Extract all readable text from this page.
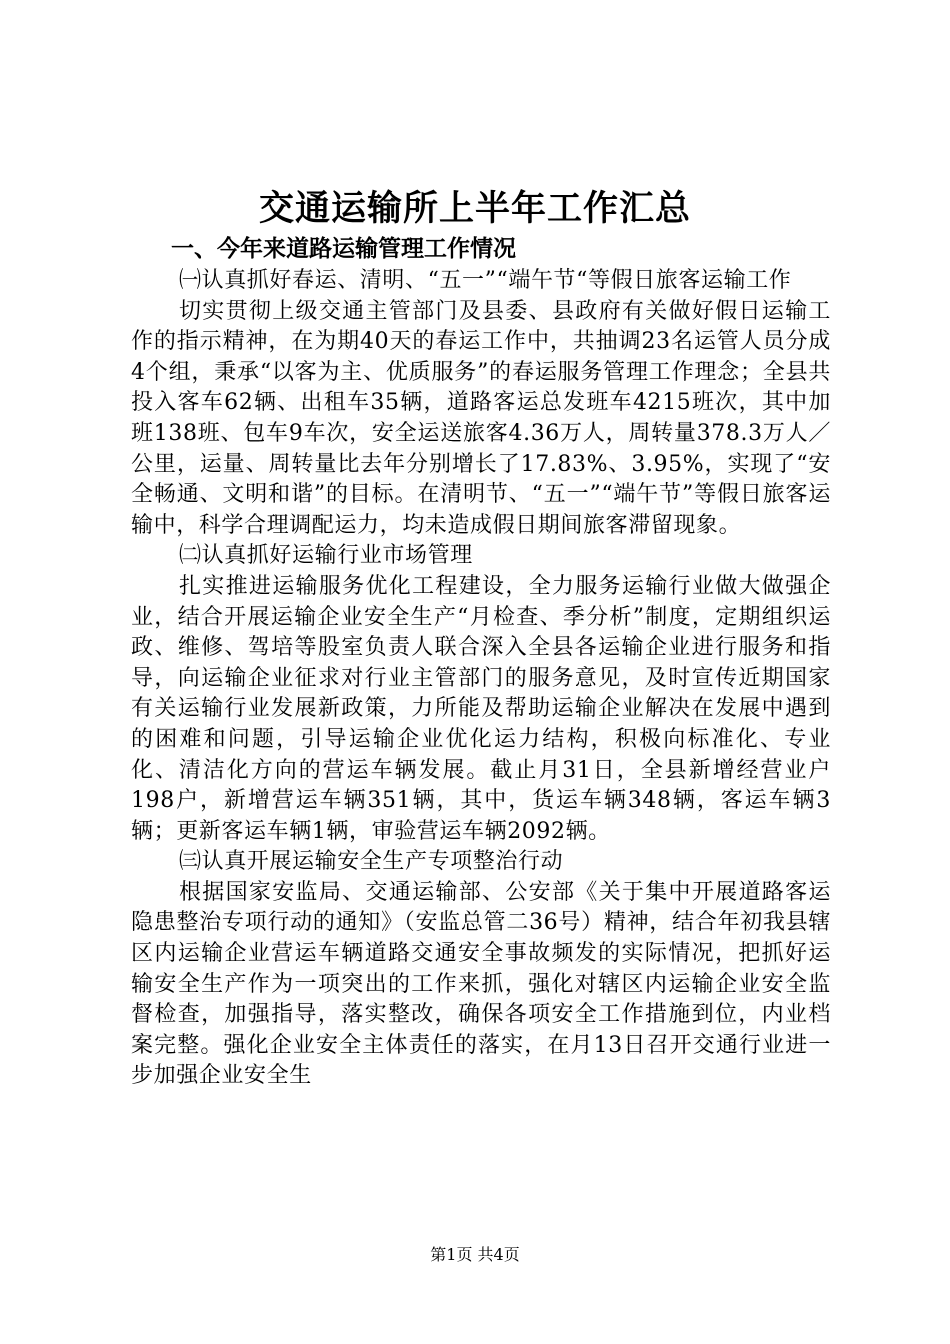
交通运输所上半年工作汇总
一、今年来道路运输管理工作情况

㈠认真抓好春运、清明、“五一”“端午节“等假日旅客运输工作

切实贯彻上级交通主管部门及县委、县政府有关做好假日运输工作的指示精神，在为期40天的春运工作中，共抽调23名运管人员分成4个组，秉承“以客为主、优质服务”的春运服务管理工作理念；全县共投入客车62辆、出租车35辆，道路客运总发班车4215班次，其中加班138班、包车9车次，安全运送旅客4.36万人，周转量378.3万人／公里，运量、周转量比去年分别增长了17.83%、3.95%，实现了“安全畅通、文明和谐”的目标。在清明节、“五一”“端午节”等假日旅客运输中，科学合理调配运力，均未造成假日期间旅客滞留现象。

㈡认真抓好运输行业市场管理

扎实推进运输服务优化工程建设，全力服务运输行业做大做强企业，结合开展运输企业安全生产“月检查、季分析”制度，定期组织运政、维修、驾培等股室负责人联合深入全县各运输企业进行服务和指导，向运输企业征求对行业主管部门的服务意见，及时宣传近期国家有关运输行业发展新政策，力所能及帮助运输企业解决在发展中遇到的困难和问题，引导运输企业优化运力结构，积极向标准化、专业化、清洁化方向的营运车辆发展。截止月31日，全县新增经营业户198户，新增营运车辆351辆，其中，货运车辆348辆，客运车辆3辆；更新客运车辆1辆，审验营运车辆2092辆。

㈢认真开展运输安全生产专项整治行动

根据国家安监局、交通运输部、公安部《关于集中开展道路客运隐患整治专项行动的通知》（安监总管二36号）精神，结合年初我县辖区内运输企业营运车辆道路交通安全事故频发的实际情况，把抓好运输安全生产作为一项突出的工作来抓，强化对辖区内运输企业安全监督检查，加强指导，落实整改，确保各项安全工作措施到位，内业档案完整。强化企业安全主体责任的落实，在月13日召开交通行业进一步加强企业安全生

第1页 共4页
